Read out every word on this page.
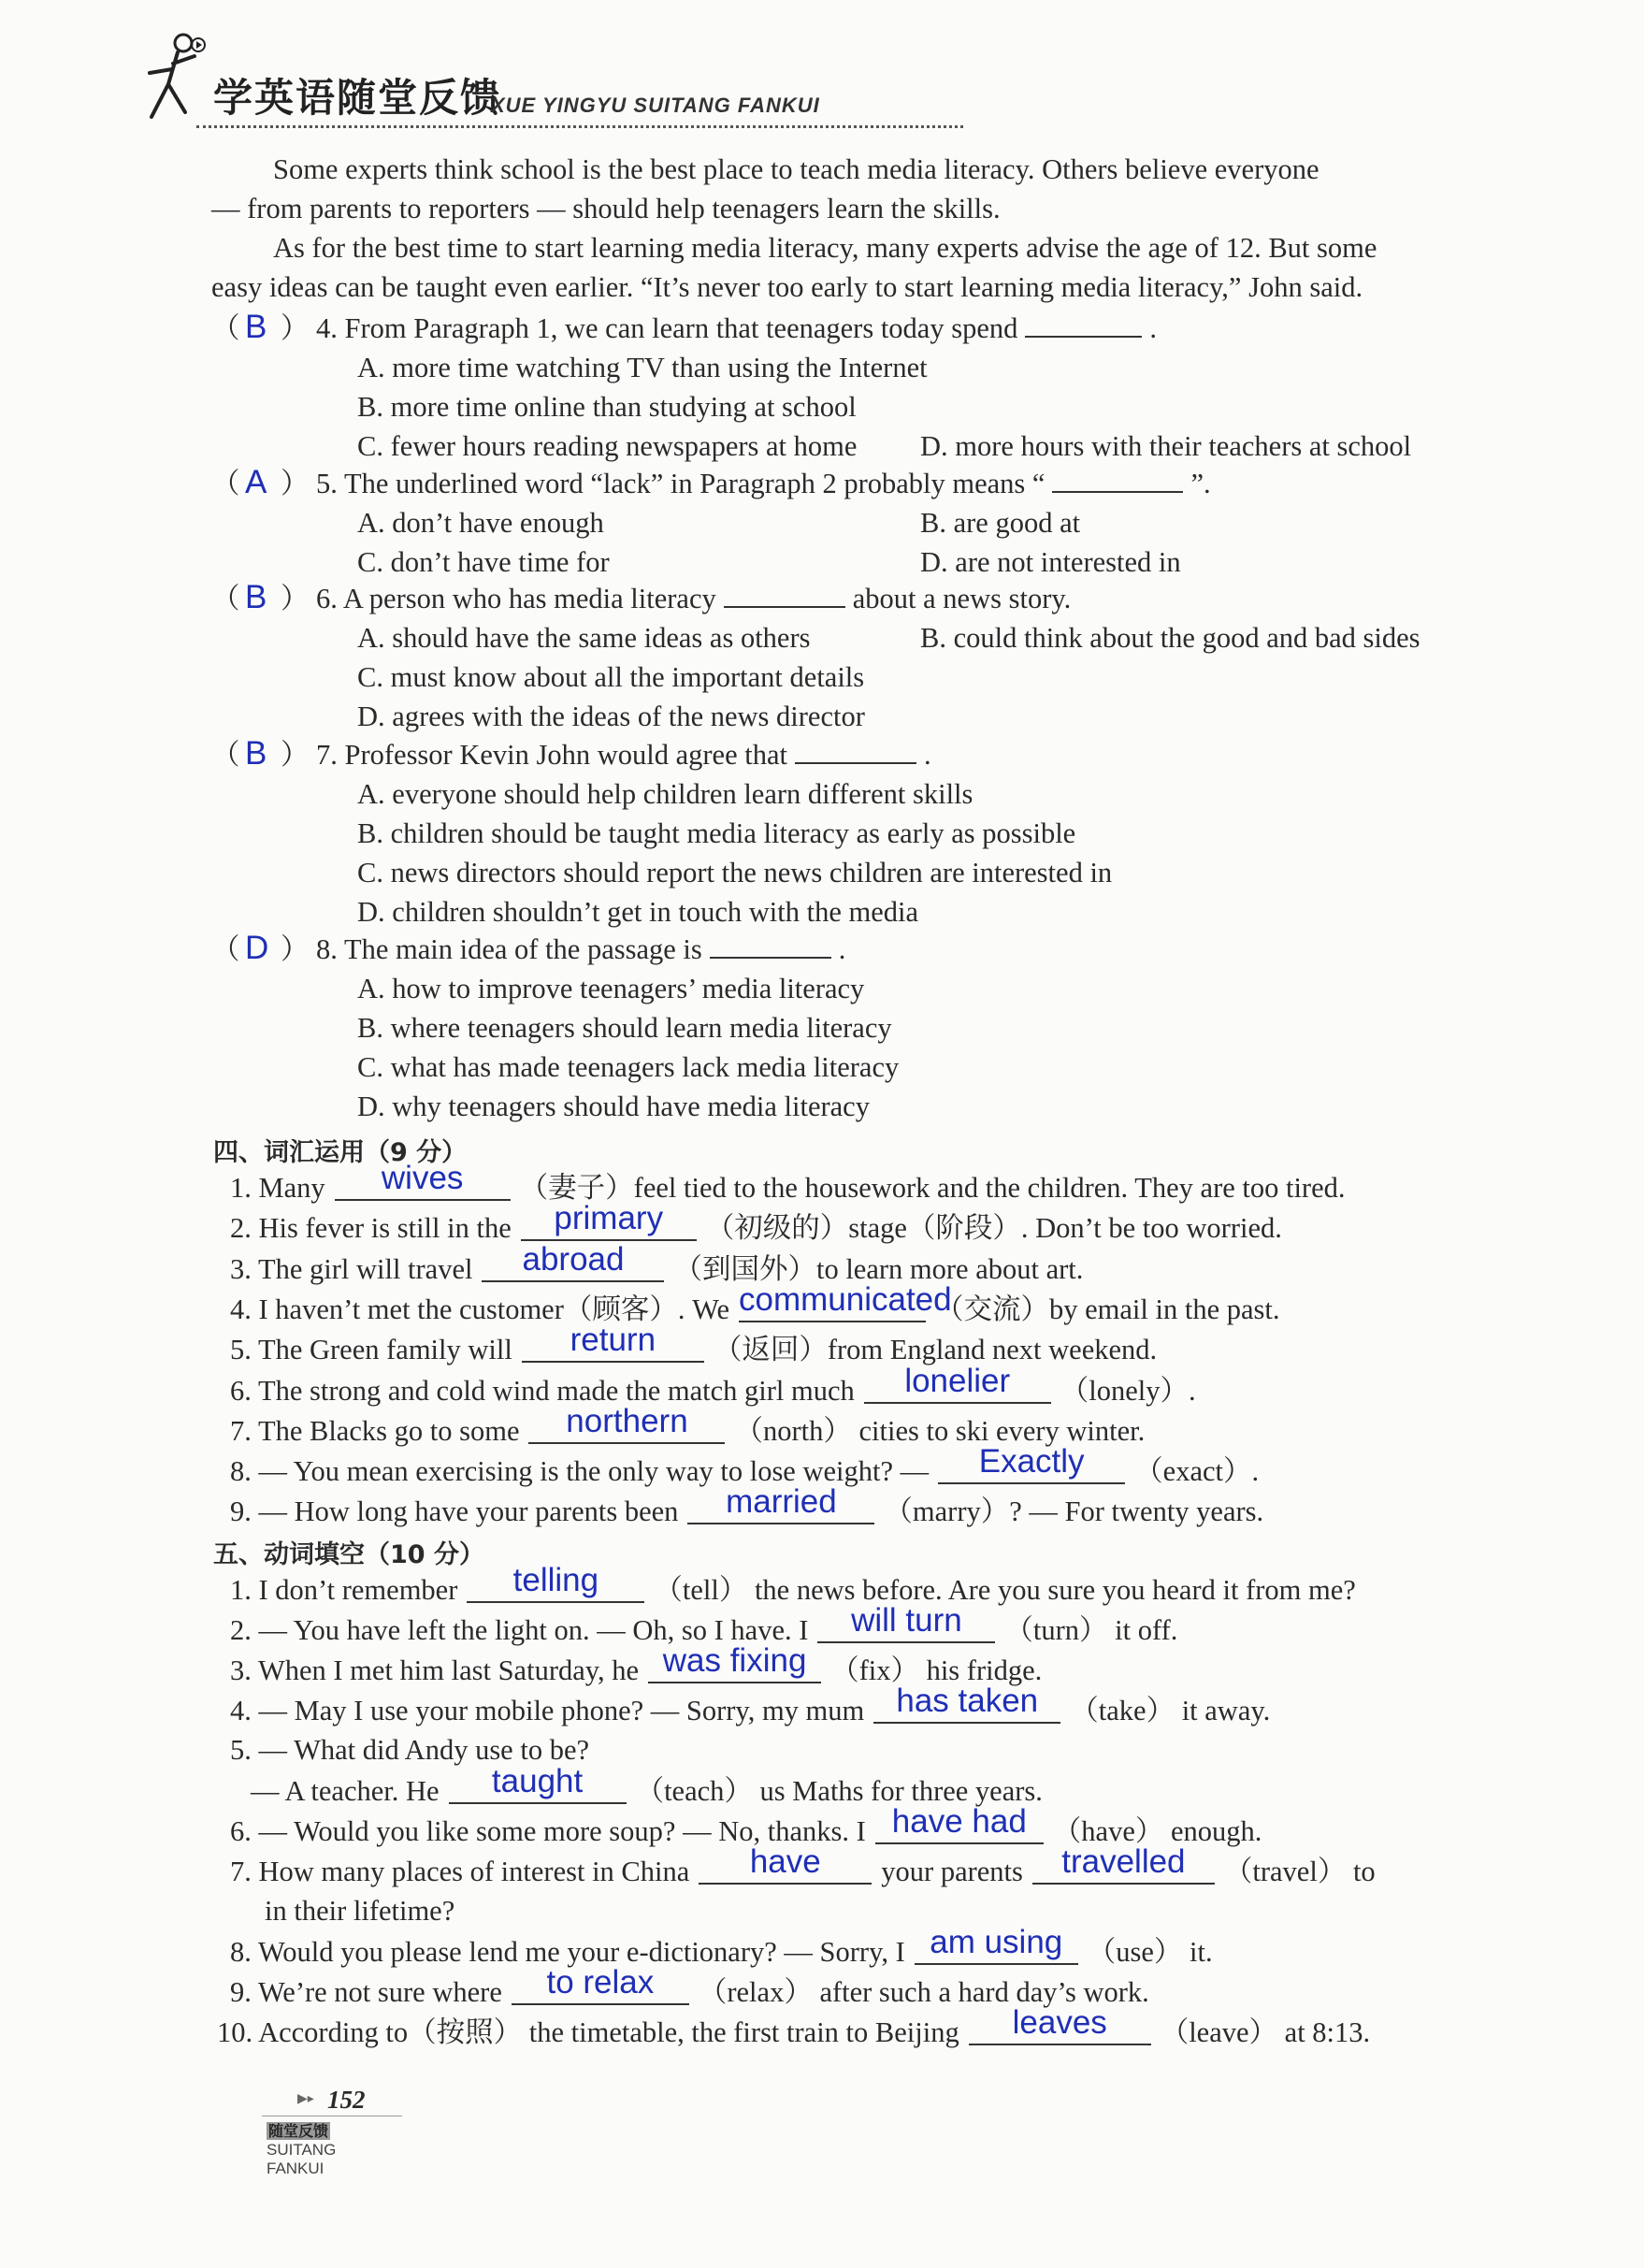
学英语随堂反馈
XUE YINGYU SUITANG FANKUI
Some experts think school is the best place to teach media literacy. Others believe everyone
— from parents to reporters — should help teenagers learn the skills.
As for the best time to start learning media literacy, many experts advise the age of 12. But some
easy ideas can be taught even earlier. “It’s never too early to start learning media literacy,” John said.
（ B ） 4. From Paragraph 1, we can learn that teenagers today spend	.
A. more time watching TV than using the Internet
B. more time online than studying at school
C. fewer hours reading newspapers at home D. more hours with their teachers at school
（ A ） 5. The underlined word “lack” in Paragraph 2 probably means “	”.
A. don’t have enough	B. are good at
C. don’t have time for	D. are not interested in
（ B ） 6. A person who has media literacy	about a news story.
A. should have the same ideas as others	B. could think about the good and bad sides
C. must know about all the important details
D. agrees with the ideas of the news director
（ B ） 7. Professor Kevin John would agree that	.
A. everyone should help children learn different skills
B. children should be taught media literacy as early as possible
C. news directors should report the news children are interested in
D. children shouldn’t get in touch with the media
（ D ） 8. The main idea of the passage is	.
A. how to improve teenagers’ media literacy
B. where teenagers should learn media literacy
C. what has made teenagers lack media literacy
D. why teenagers should have media literacy
四、词汇运用（9 分）
1. Many	wives	（妻子）feel tied to the housework and the children. They are too tired.
2. His fever is still in the	primary	（初级的）stage（阶段）. Don’t be too worried.
3. The girl will travel	abroad	（到国外）to learn more about art.
4. I haven’t met the customer（顾客）. We communicated
（交流）by email in the past.
5. The Green family will	return	（返回）from England next weekend.
6. The strong and cold wind made the match girl much	lonelier	（lonely）.
7. The Blacks go to some	northern	（north） cities to ski every winter.
8. — You mean exercising is the only way to lose weight? —	Exactly	（exact）.
9. — How long have your parents been	married	（marry）? — For twenty years.
五、动词填空（10 分）
1. I don’t remember	telling	（tell） the news before. Are you sure you heard it from me?
2. — You have left the light on. — Oh, so I have. I	will turn	（turn） it off.
3. When I met him last Saturday, he was fixing （fix） his fridge.
4. — May I use your mobile phone? — Sorry, my mum has taken	（take） it away.
5. — What did Andy use to be?
— A teacher. He	taught	（teach） us Maths for three years.
6. — Would you like some more soup? — No, thanks. I have had （have） enough.
7. How many places of interest in China	have	your parents	travelled	（travel） to
in their lifetime?
8. Would you please lend me your e-dictionary? — Sorry, I am using （use） it.
9. We’re not sure where	to relax	（relax） after such a hard day’s work.
10. According to（按照） the timetable, the first train to Beijing	leaves	（leave） at 8:13.
▶▸ 152
随堂反馈SUITANG FANKUI
